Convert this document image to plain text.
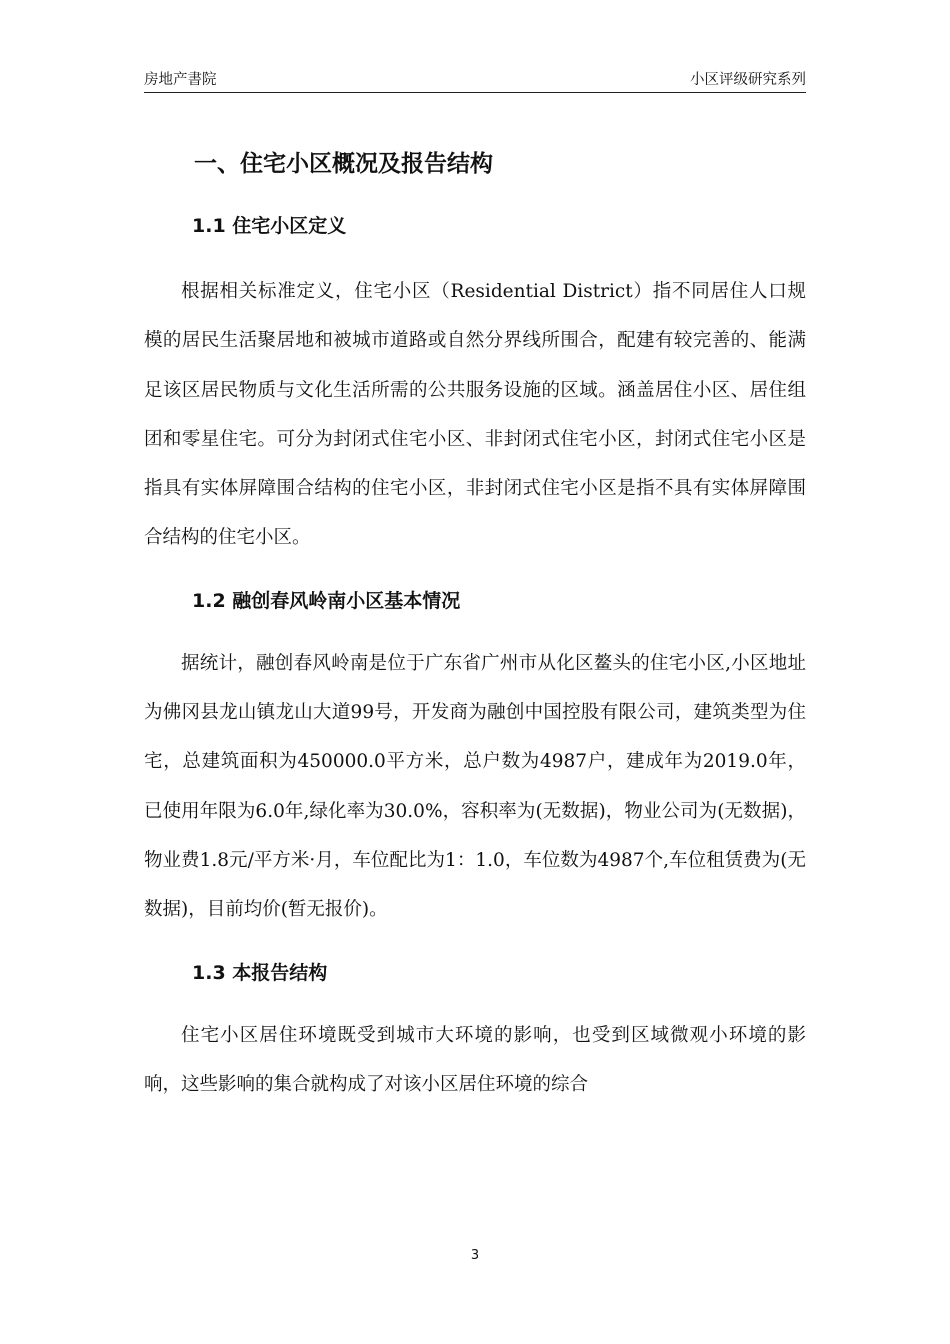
房地产書院	小区评级研究系列
一、住宅小区概况及报告结构
1.1 住宅小区定义

根据相关标准定义，住宅小区（Residential District）指不同居住人口规模的居民生活聚居地和被城市道路或自然分界线所围合，配建有较完善的、能满足该区居民物质与文化生活所需的公共服务设施的区域。涵盖居住小区、居住组团和零星住宅。可分为封闭式住宅小区、非封闭式住宅小区，封闭式住宅小区是指具有实体屏障围合结构的住宅小区，非封闭式住宅小区是指不具有实体屏障围合结构的住宅小区。

1.2 融创春风岭南小区基本情况

据统计，融创春风岭南是位于广东省广州市从化区鳌头的住宅小区,小区地址为佛冈县龙山镇龙山大道99号，开发商为融创中国控股有限公司，建筑类型为住宅，总建筑面积为450000.0平方米，总户数为4987户，建成年为2019.0年，已使用年限为6.0年,绿化率为30.0%，容积率为(无数据)，物业公司为(无数据)，物业费1.8元/平方米·月，车位配比为1：1.0，车位数为4987个,车位租赁费为(无数据)，目前均价(暂无报价)。

1.3 本报告结构

住宅小区居住环境既受到城市大环境的影响，也受到区域微观小环境的影响，这些影响的集合就构成了对该小区居住环境的综合

3
